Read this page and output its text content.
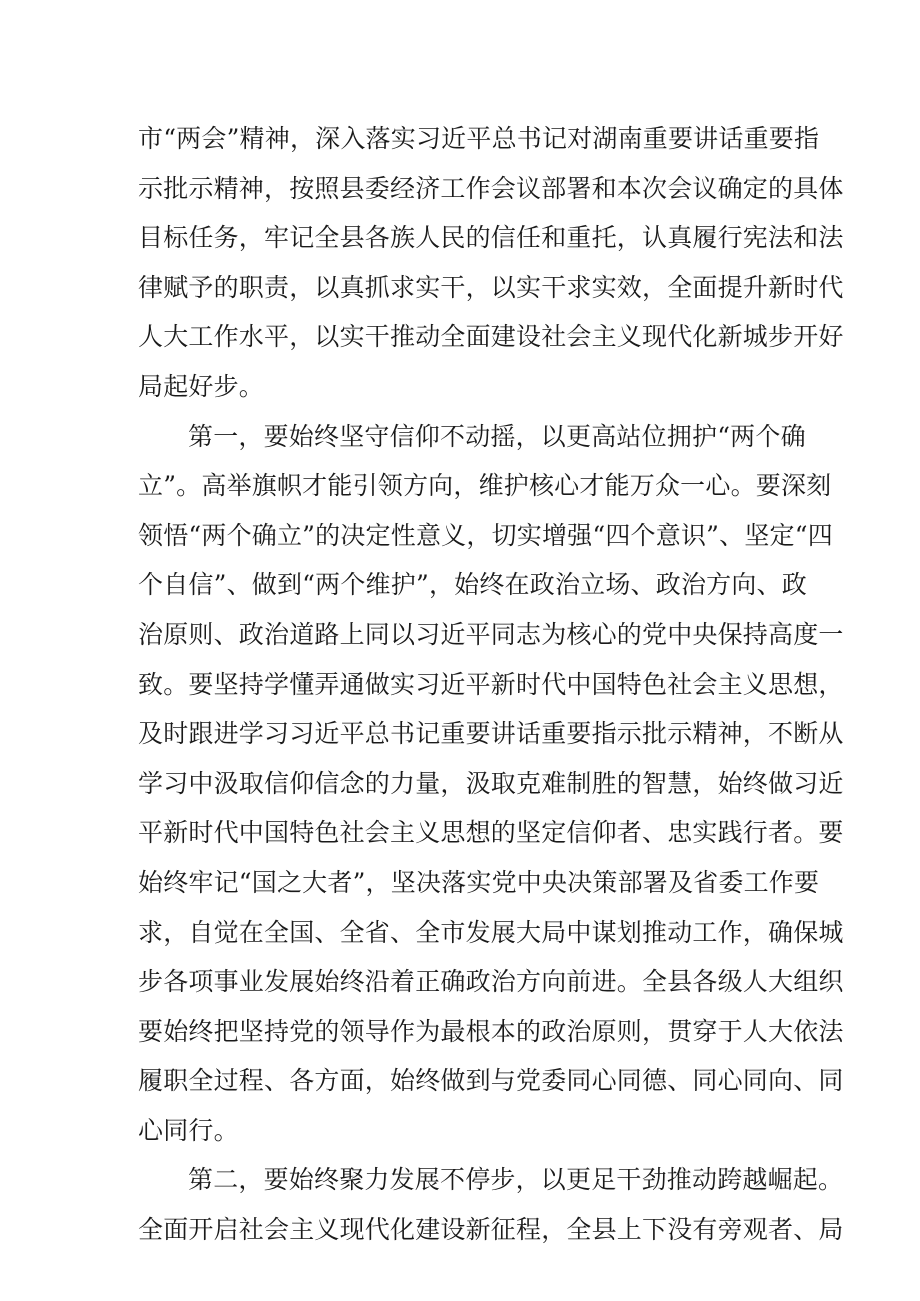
市“两会”精神，深入落实习近平总书记对湖南重要讲话重要指
示批示精神，按照县委经济工作会议部署和本次会议确定的具体
目标任务，牢记全县各族人民的信任和重托，认真履行宪法和法
律赋予的职责，以真抓求实干，以实干求实效，全面提升新时代
人大工作水平，以实干推动全面建设社会主义现代化新城步开好
局起好步。
第一，要始终坚守信仰不动摇，以更高站位拥护“两个确
立”。高举旗帜才能引领方向，维护核心才能万众一心。要深刻
领悟“两个确立”的决定性意义，切实增强“四个意识”、坚定“四
个自信”、做到“两个维护”，始终在政治立场、政治方向、政
治原则、政治道路上同以习近平同志为核心的党中央保持高度一
致。要坚持学懂弄通做实习近平新时代中国特色社会主义思想，
及时跟进学习习近平总书记重要讲话重要指示批示精神，不断从
学习中汲取信仰信念的力量，汲取克难制胜的智慧，始终做习近
平新时代中国特色社会主义思想的坚定信仰者、忠实践行者。要
始终牢记“国之大者”，坚决落实党中央决策部署及省委工作要
求，自觉在全国、全省、全市发展大局中谋划推动工作，确保城
步各项事业发展始终沿着正确政治方向前进。全县各级人大组织
要始终把坚持党的领导作为最根本的政治原则，贯穿于人大依法
履职全过程、各方面，始终做到与党委同心同德、同心同向、同
心同行。
第二，要始终聚力发展不停步，以更足干劲推动跨越崛起。
全面开启社会主义现代化建设新征程，全县上下没有旁观者、局
